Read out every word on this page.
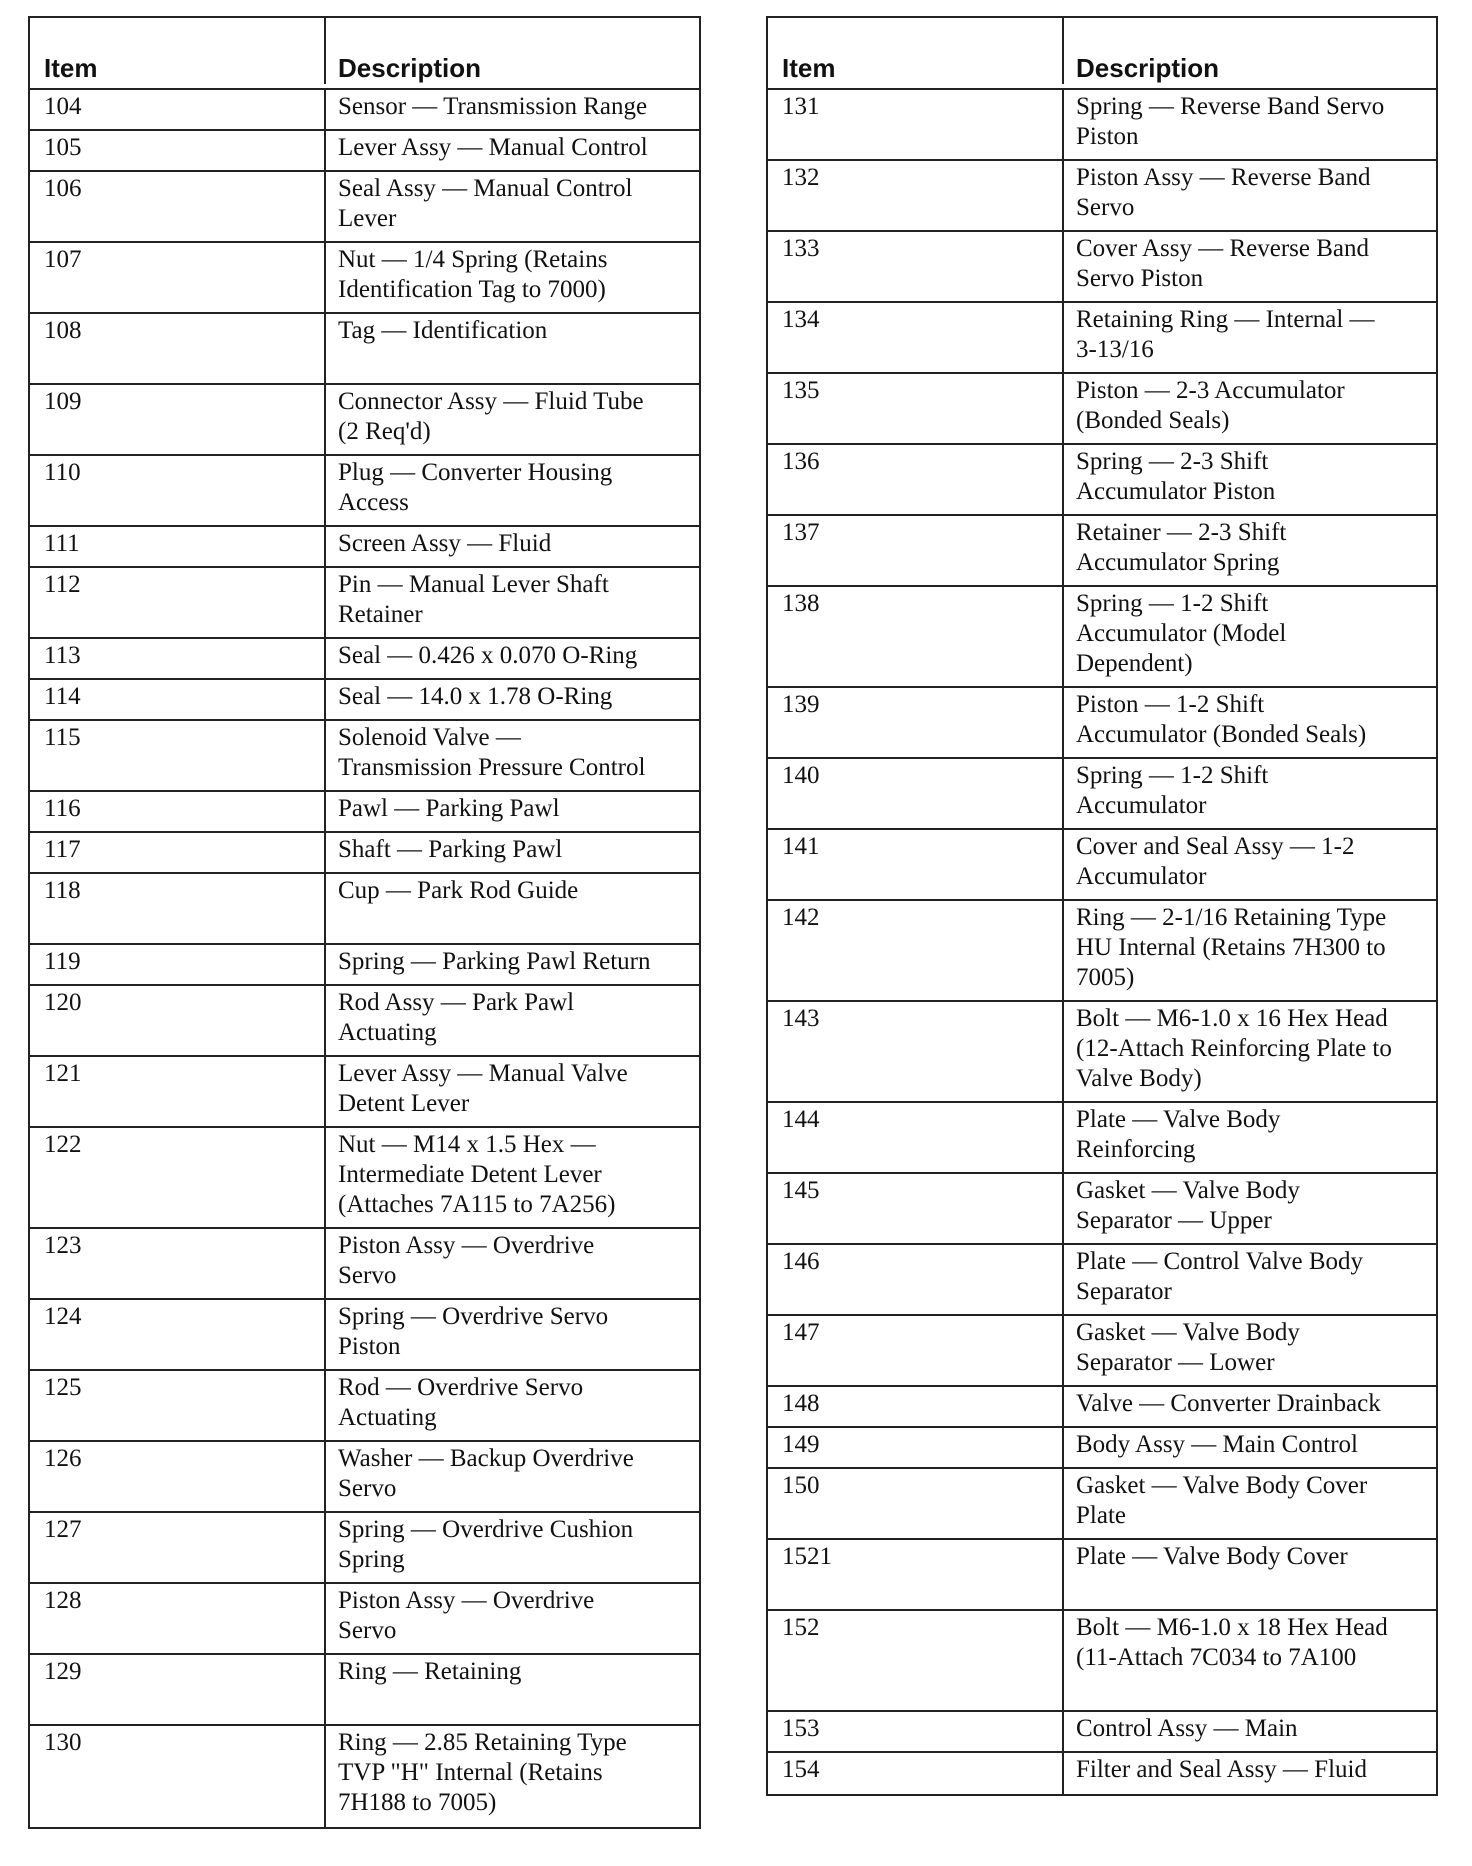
Item	Description
104	Sensor — Transmission Range
105	Lever Assy — Manual Control
106	Seal Assy — Manual Control
Lever
107	Nut — 1/4 Spring (Retains
Identification Tag to 7000)
108	Tag — Identification
109	Connector Assy — Fluid Tube
(2 Req'd)
110	Plug — Converter Housing
Access
111	Screen Assy — Fluid
112	Pin — Manual Lever Shaft
Retainer
113	Seal — 0.426 x 0.070 O-Ring
114	Seal — 14.0 x 1.78 O-Ring
115	Solenoid Valve —
Transmission Pressure Control
116	Pawl — Parking Pawl
117	Shaft — Parking Pawl
118	Cup — Park Rod Guide
119	Spring — Parking Pawl Return
120	Rod Assy — Park Pawl
Actuating
121	Lever Assy — Manual Valve
Detent Lever
122	Nut — M14 x 1.5 Hex —
Intermediate Detent Lever
(Attaches 7A115 to 7A256)
123	Piston Assy — Overdrive
Servo
124	Spring — Overdrive Servo
Piston
125	Rod — Overdrive Servo
Actuating
126	Washer — Backup Overdrive
Servo
127	Spring — Overdrive Cushion
Spring
128	Piston Assy — Overdrive
Servo
129	Ring — Retaining
130	Ring — 2.85 Retaining Type
TVP "H" Internal (Retains
7H188 to 7005)
Item	Description
131	Spring — Reverse Band Servo
Piston
132	Piston Assy — Reverse Band
Servo
133	Cover Assy — Reverse Band
Servo Piston
134	Retaining Ring — Internal —
3-13/16
135	Piston — 2-3 Accumulator
(Bonded Seals)
136	Spring — 2-3 Shift
Accumulator Piston
137	Retainer — 2-3 Shift
Accumulator Spring
138	Spring — 1-2 Shift
Accumulator (Model
Dependent)
139	Piston — 1-2 Shift
Accumulator (Bonded Seals)
140	Spring — 1-2 Shift
Accumulator
141	Cover and Seal Assy — 1-2
Accumulator
142	Ring — 2-1/16 Retaining Type
HU Internal (Retains 7H300 to
7005)
143	Bolt — M6-1.0 x 16 Hex Head
(12-Attach Reinforcing Plate to
Valve Body)
144	Plate — Valve Body
Reinforcing
145	Gasket — Valve Body
Separator — Upper
146	Plate — Control Valve Body
Separator
147	Gasket — Valve Body
Separator — Lower
148	Valve — Converter Drainback
149	Body Assy — Main Control
150	Gasket — Valve Body Cover
Plate
1521	Plate — Valve Body Cover
152	Bolt — M6-1.0 x 18 Hex Head
(11-Attach 7C034 to 7A100
153	Control Assy — Main
154	Filter and Seal Assy — Fluid
